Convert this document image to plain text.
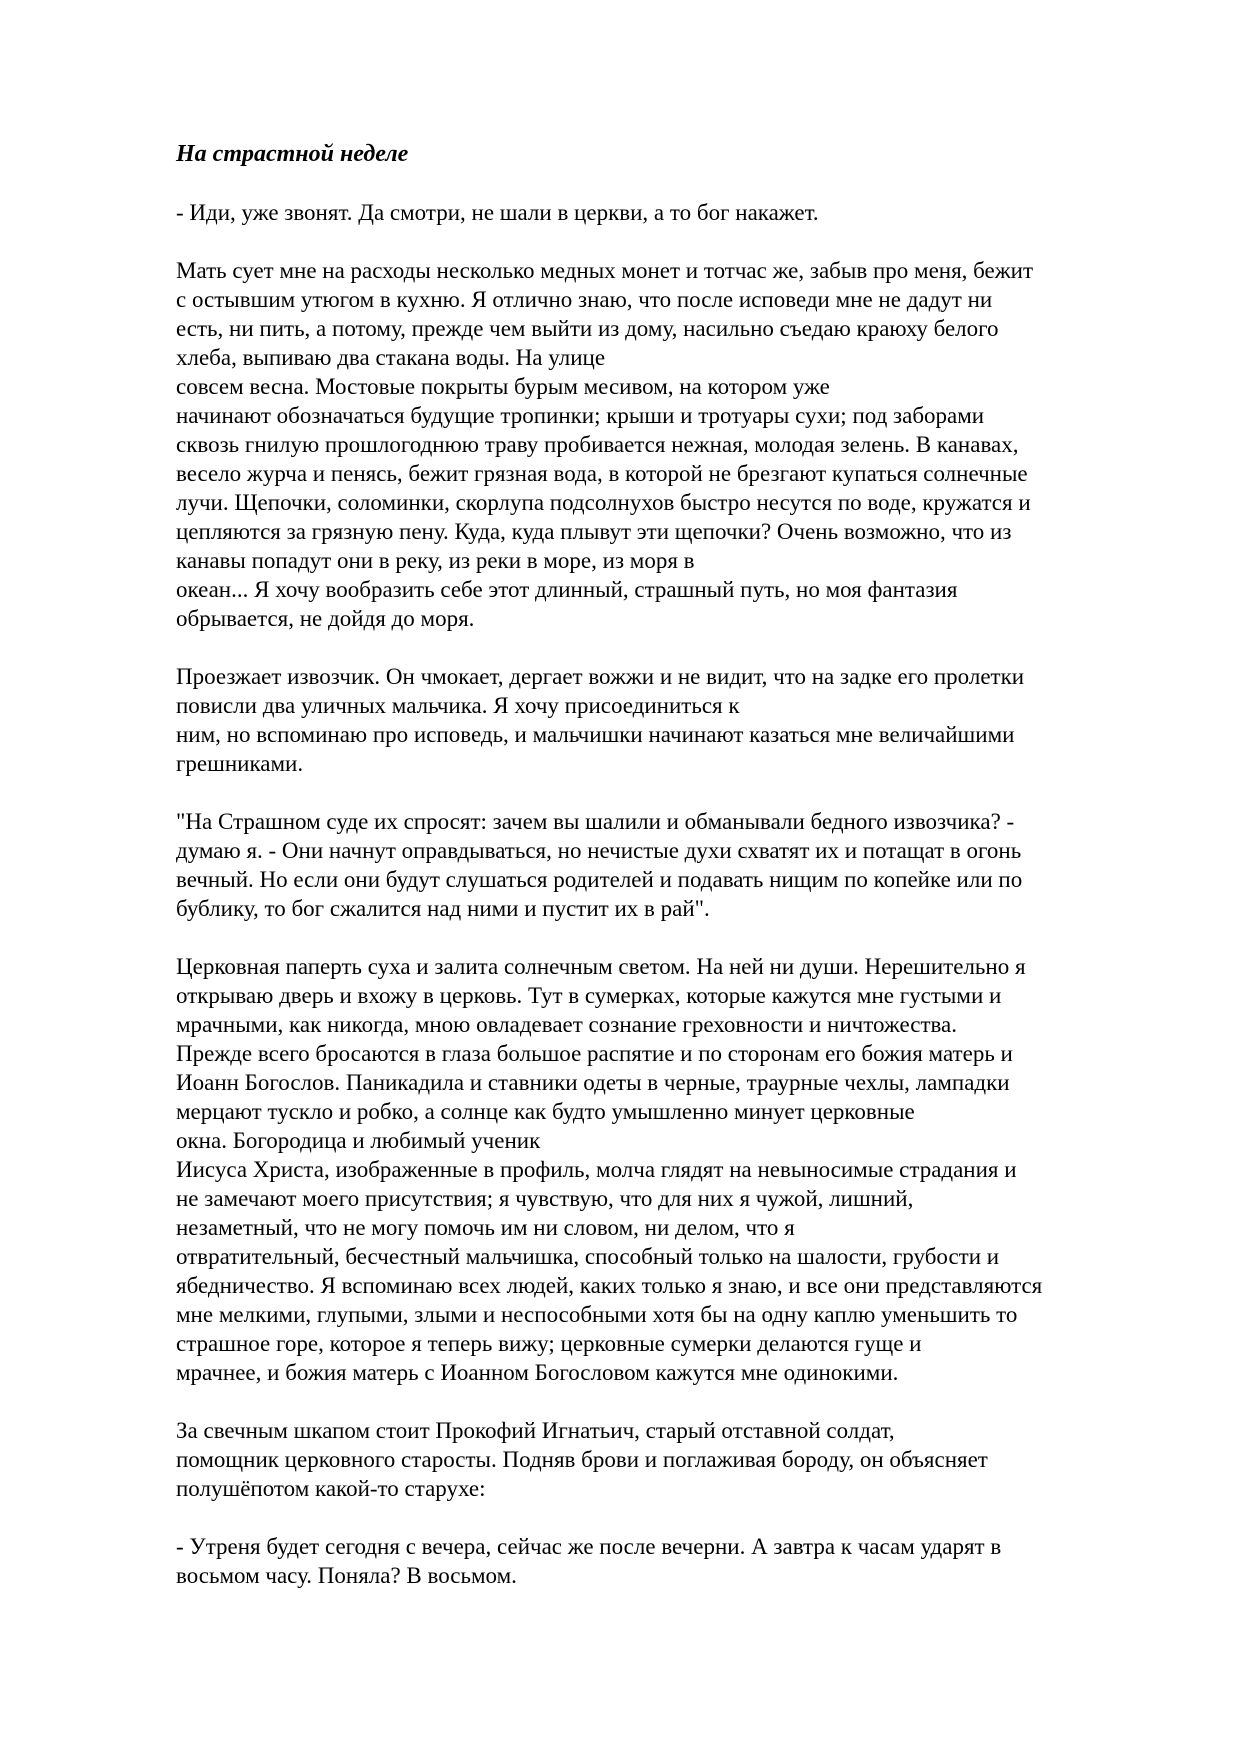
На страстной неделе
- Иди, уже звонят. Да смотри, не шали в церкви, а то бог накажет.
Мать сует мне на расходы несколько медных монет и тотчас же, забыв про меня, бежит
с остывшим утюгом в кухню. Я отлично знаю, что после исповеди мне не дадут ни
есть, ни пить, а потому, прежде чем выйти из дому, насильно съедаю краюху белого
хлеба, выпиваю два стакана воды. На улице
совсем весна. Мостовые покрыты бурым месивом, на котором уже
начинают обозначаться будущие тропинки; крыши и тротуары сухи; под заборами
сквозь гнилую прошлогоднюю траву пробивается нежная, молодая зелень. В канавах,
весело журча и пенясь, бежит грязная вода, в которой не брезгают купаться солнечные
лучи. Щепочки, соломинки, скорлупа подсолнухов быстро несутся по воде, кружатся и
цепляются за грязную пену. Куда, куда плывут эти щепочки? Очень возможно, что из
канавы попадут они в реку, из реки в море, из моря в
океан... Я хочу вообразить себе этот длинный, страшный путь, но моя фантазия
обрывается, не дойдя до моря.
Проезжает извозчик. Он чмокает, дергает вожжи и не видит, что на задке его пролетки
повисли два уличных мальчика. Я хочу присоединиться к
ним, но вспоминаю про исповедь, и мальчишки начинают казаться мне величайшими
грешниками.
"На Страшном суде их спросят: зачем вы шалили и обманывали бедного извозчика? -
думаю я. - Они начнут оправдываться, но нечистые духи схватят их и потащат в огонь
вечный. Но если они будут слушаться родителей и подавать нищим по копейке или по
бублику, то бог сжалится над ними и пустит их в рай".
Церковная паперть суха и залита солнечным светом. На ней ни души. Нерешительно я
открываю дверь и вхожу в церковь. Тут в сумерках, которые кажутся мне густыми и
мрачными, как никогда, мною овладевает сознание греховности и ничтожества.
Прежде всего бросаются в глаза большое распятие и по сторонам его божия матерь и
Иоанн Богослов. Паникадила и ставники одеты в черные, траурные чехлы, лампадки
мерцают тускло и робко, а солнце как будто умышленно минует церковные
окна. Богородица и любимый ученик
Иисуса Христа, изображенные в профиль, молча глядят на невыносимые страдания и
не замечают моего присутствия; я чувствую, что для них я чужой, лишний,
незаметный, что не могу помочь им ни словом, ни делом, что я
отвратительный, бесчестный мальчишка, способный только на шалости, грубости и
ябедничество. Я вспоминаю всех людей, каких только я знаю, и все они представляются
мне мелкими, глупыми, злыми и неспособными хотя бы на одну каплю уменьшить то
страшное горе, которое я теперь вижу; церковные сумерки делаются гуще и
мрачнее, и божия матерь с Иоанном Богословом кажутся мне одинокими.
За свечным шкапом стоит Прокофий Игнатьич, старый отставной солдат,
помощник церковного старосты. Подняв брови и поглаживая бороду, он объясняет
полушёпотом какой-то старухе:
- Утреня будет сегодня с вечера, сейчас же после вечерни. А завтра к часам ударят в
восьмом часу. Поняла? В восьмом.
